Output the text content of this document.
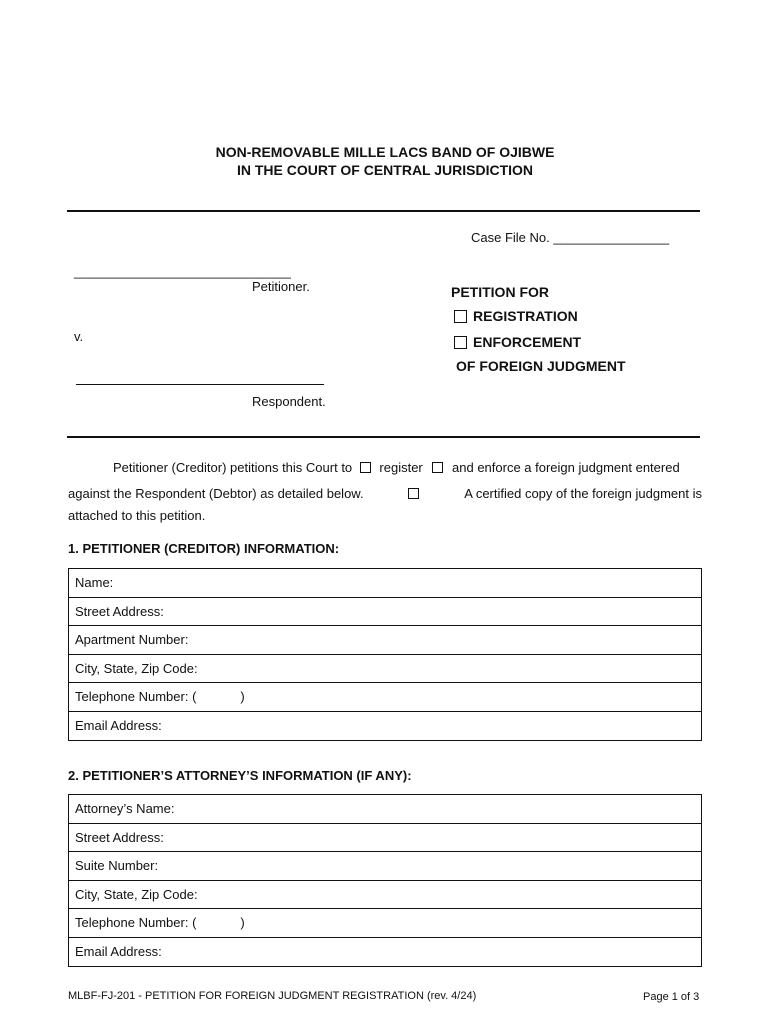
NON-REMOVABLE MILLE LACS BAND OF OJIBWE
IN THE COURT OF CENTRAL JURISDICTION
Case File No. ________________
______________________________
Petitioner.
v.
Respondent.
PETITION FOR
REGISTRATION
ENFORCEMENT
OF FOREIGN JUDGMENT
Petitioner (Creditor) petitions this Court to register and enforce a foreign judgment entered
against the Respondent (Debtor) as detailed below.	A certified copy of the foreign judgment is
attached to this petition.
1. PETITIONER (CREDITOR) INFORMATION:
Name:
Street Address:
Apartment Number:
City, State, Zip Code:
Telephone Number: (	)
Email Address:
2. PETITIONER’S ATTORNEY’S INFORMATION (IF ANY):
Attorney’s Name:
Street Address:
Suite Number:
City, State, Zip Code:
Telephone Number: (	)
Email Address:
MLBF-FJ-201 - PETITION FOR FOREIGN JUDGMENT REGISTRATION (rev. 4/24)	Page 1 of 3
